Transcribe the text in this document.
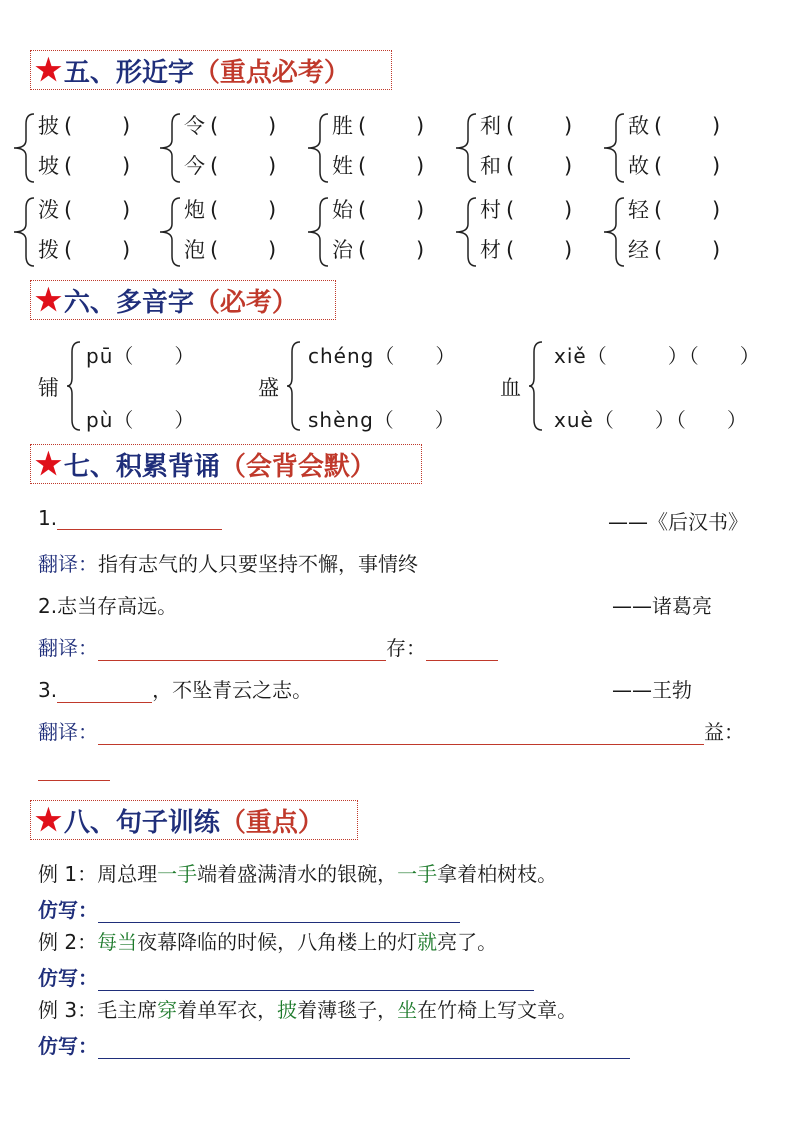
★ 五、形近字 （重点必考）
披 ( )
坡 ( )
令 ( )
今 ( )
胜 ( )
姓 ( )
利 ( )
和 ( )
敌 ( )
故 ( )
泼 ( )
拨 ( )
炮 ( )
泡 ( )
始 ( )
治 ( )
村 ( )
材 ( )
轻 ( )
经 ( )
★ 六、多音字 （必考）
铺
pū（ ）
pù（ ）
盛
chéng（ ）
shèng（ ）
血
xiě（	）（ ）
xuè（ ）（ ）
★ 七、积累背诵 （会背会默）
1.	——《后汉书》
翻译：指有志气的人只要坚持不懈，事情终
2.志当存高远。	——诸葛亮
翻译：	存：
3.	，不坠青云之志。	——王勃
翻译：	益：
★ 八、句子训练 （重点）
例 1：周总理一手端着盛满清水的银碗，一手拿着柏树枝。
仿写：
例 2：每当夜幕降临的时候，八角楼上的灯就亮了。
仿写：
例 3：毛主席穿着单军衣，披着薄毯子，坐在竹椅上写文章。
仿写：
